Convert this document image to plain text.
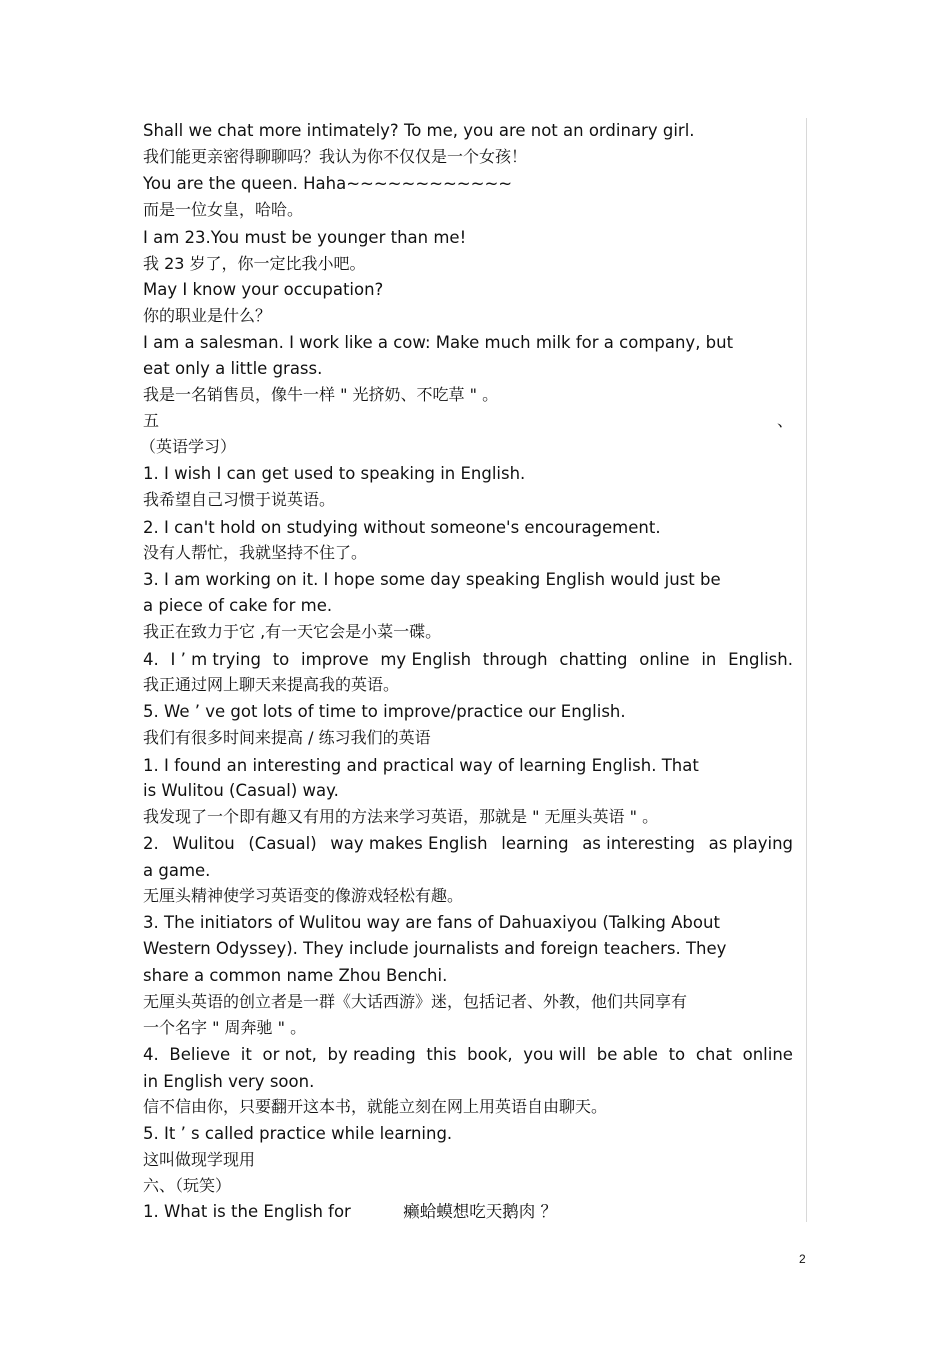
Shall we chat more intimately? To me, you are not an ordinary girl.
我们能更亲密得聊聊吗？我认为你不仅仅是一个女孩！
You are the queen. Haha~~~~~~~~~~~~
而是一位女皇，哈哈。
I am 23.You must be younger than me!
我 23 岁了，你一定比我小吧。
May I know your occupation?
你的职业是什么？
I am a salesman. I work like a cow: Make much milk for a company, but
eat only a little grass.
我是一名销售员，像牛一样 " 光挤奶、不吃草 " 。
五	、
（英语学习）
1. I wish I can get used to speaking in English.
我希望自己习惯于说英语。
2. I can't hold on studying without someone's encouragement.
没有人帮忙，我就坚持不住了。
3. I am working on it. I hope some day speaking English would just be
a piece of cake for me.
我正在致力于它 ,有一天它会是小菜一碟。
4. I ’ m trying to improve my English through chatting online in English.
我正通过网上聊天来提高我的英语。
5. We ’ ve got lots of time to improve/practice our English.
我们有很多时间来提高 / 练习我们的英语
1. I found an interesting and practical way of learning English. That
is Wulitou (Casual) way.
我发现了一个即有趣又有用的方法来学习英语，那就是 " 无厘头英语 " 。
2. Wulitou (Casual) way makes English learning as interesting as playing
a game.
无厘头精神使学习英语变的像游戏轻松有趣。
3. The initiators of Wulitou way are fans of Dahuaxiyou (Talking About
Western Odyssey). They include journalists and foreign teachers. They
share a common name Zhou Benchi.
无厘头英语的创立者是一群《大话西游》迷，包括记者、外教，他们共同享有
一个名字 " 周奔驰 " 。
4. Believe it or not, by reading this book, you will be able to chat online
in English very soon.
信不信由你，只要翻开这本书，就能立刻在网上用英语自由聊天。
5. It ’ s called practice while learning.
这叫做现学现用
六、（玩笑）
1. What is the English for          癞蛤蟆想吃天鹅肉 ？
2
